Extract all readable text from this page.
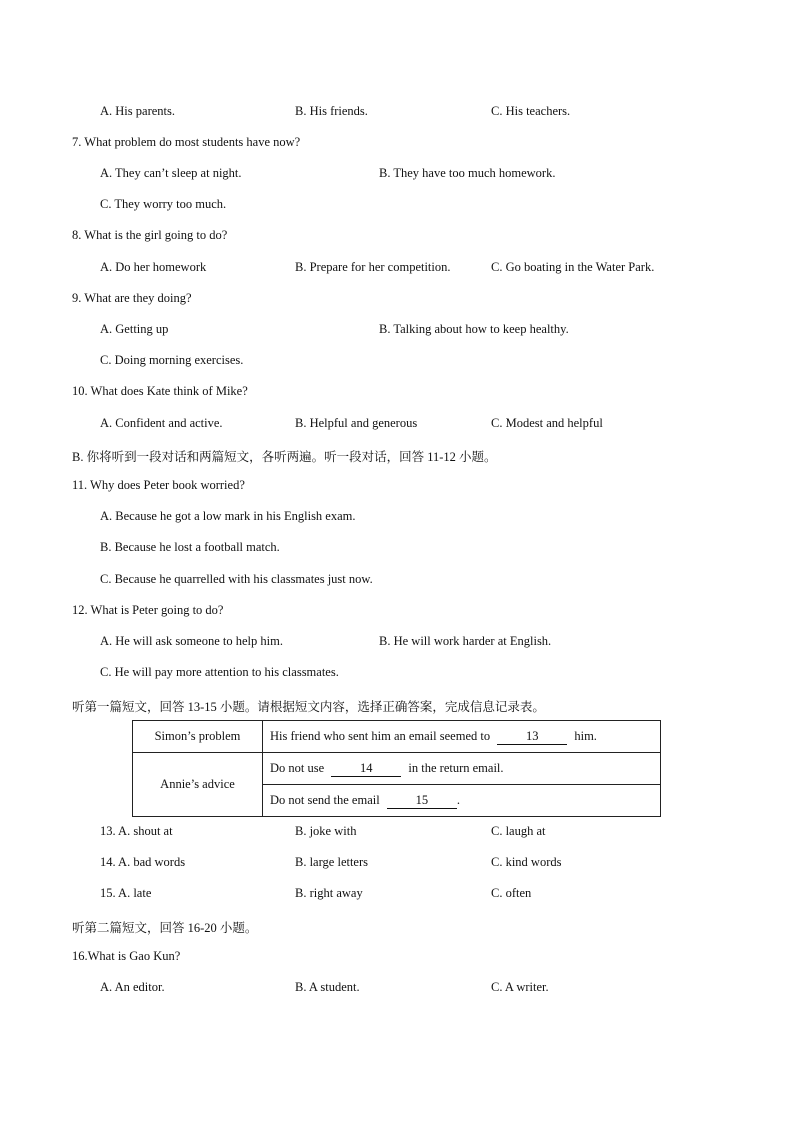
A. His parents.	B. His friends.	C. His teachers.
7. What problem do most students have now?
A. They can’t sleep at night.	B. They have too much homework.
C. They worry too much.
8. What is the girl going to do?
A. Do her homework	B. Prepare for her competition.	C. Go boating in the Water Park.
9. What are they doing?
A. Getting up	B. Talking about how to keep healthy.
C. Doing morning exercises.
10. What does Kate think of Mike?
A. Confident and active.	B. Helpful and generous	C. Modest and helpful
B. 你将听到一段对话和两篇短文，各听两遍。听一段对话，回答 11-12 小题。
11. Why does Peter book worried?
A. Because he got a low mark in his English exam.
B. Because he lost a football match.
C. Because he quarrelled with his classmates just now.
12. What is Peter going to do?
A. He will ask someone to help him.	B. He will work harder at English.
C. He will pay more attention to his classmates.
听第一篇短文，回答 13-15 小题。请根据短文内容，选择正确答案，完成信息记录表。
Simon’s problem	His friend who sent him an email seemed to 13 him.
Annie’s advice	Do not use 14 in the return email.
	Do not send the email 15 .
13. A. shout at	B. joke with	C. laugh at
14. A. bad words	B. large letters	C. kind words
15. A. late	B. right away	C. often
听第二篇短文，回答 16-20 小题。
16.What is Gao Kun?
A. An editor.	B. A student.	C. A writer.
